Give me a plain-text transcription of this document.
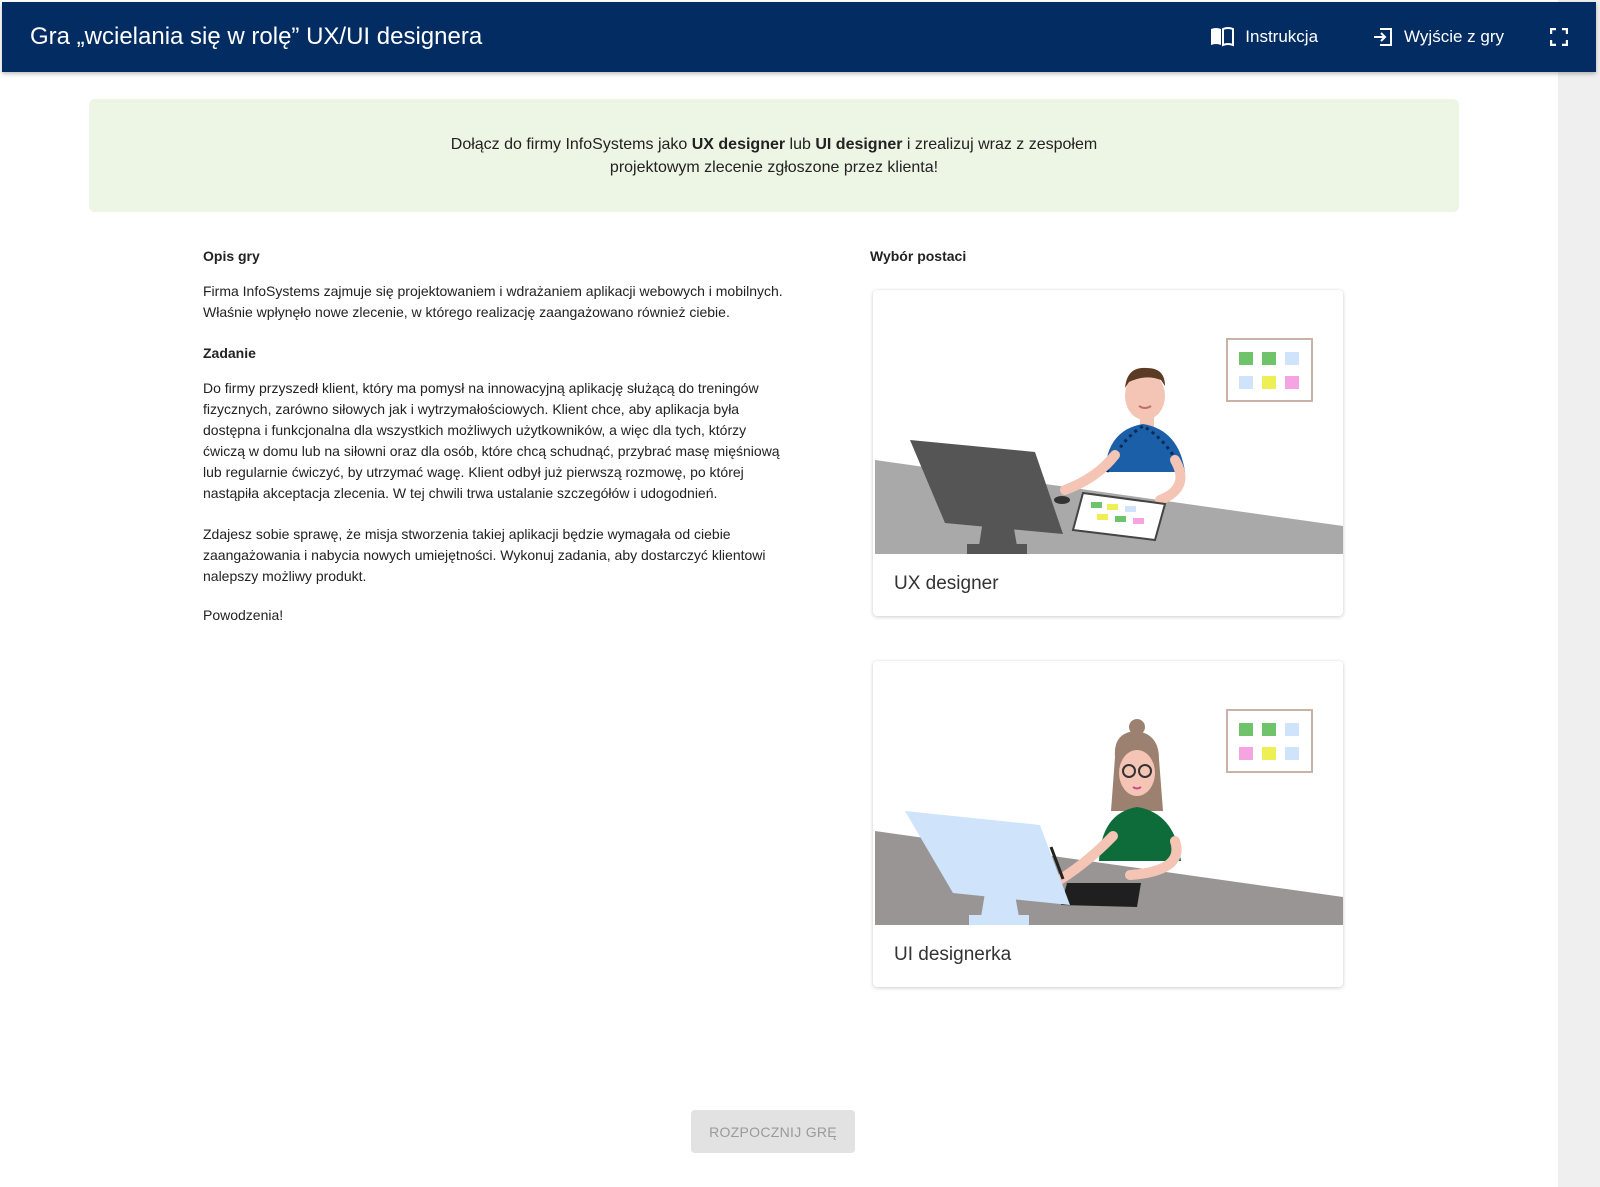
Gra „wcielania się w rolę” UX/UI designera	Instrukcja	Wyjście z gry

Dołącz do firmy InfoSystems jako UX designer lub UI designer i zrealizuj wraz z zespołem projektowym zlecenie zgłoszone przez klienta!

Opis gry
Firma InfoSystems zajmuje się projektowaniem i wdrażaniem aplikacji webowych i mobilnych.
Właśnie wpłynęło nowe zlecenie, w którego realizację zaangażowano również ciebie.
Zadanie
Do firmy przyszedł klient, który ma pomysł na innowacyjną aplikację służącą do treningów fizycznych, zarówno siłowych jak i wytrzymałościowych. Klient chce, aby aplikacja była dostępna i funkcjonalna dla wszystkich możliwych użytkowników, a więc dla tych, którzy ćwiczą w domu lub na siłowni oraz dla osób, które chcą schudnąć, przybrać masę mięśniową lub regularnie ćwiczyć, by utrzymać wagę. Klient odbył już pierwszą rozmowę, po której nastąpiła akceptacja zlecenia. W tej chwili trwa ustalanie szczegółów i udogodnień.
Zdajesz sobie sprawę, że misja stworzenia takiej aplikacji będzie wymagała od ciebie zaangażowania i nabycia nowych umiejętności. Wykonuj zadania, aby dostarczyć klientowi nalepszy możliwy produkt.
Powodzenia!
Wybór postaci
UX designer
UI designerka
ROZPOCZNIJ GRĘ
